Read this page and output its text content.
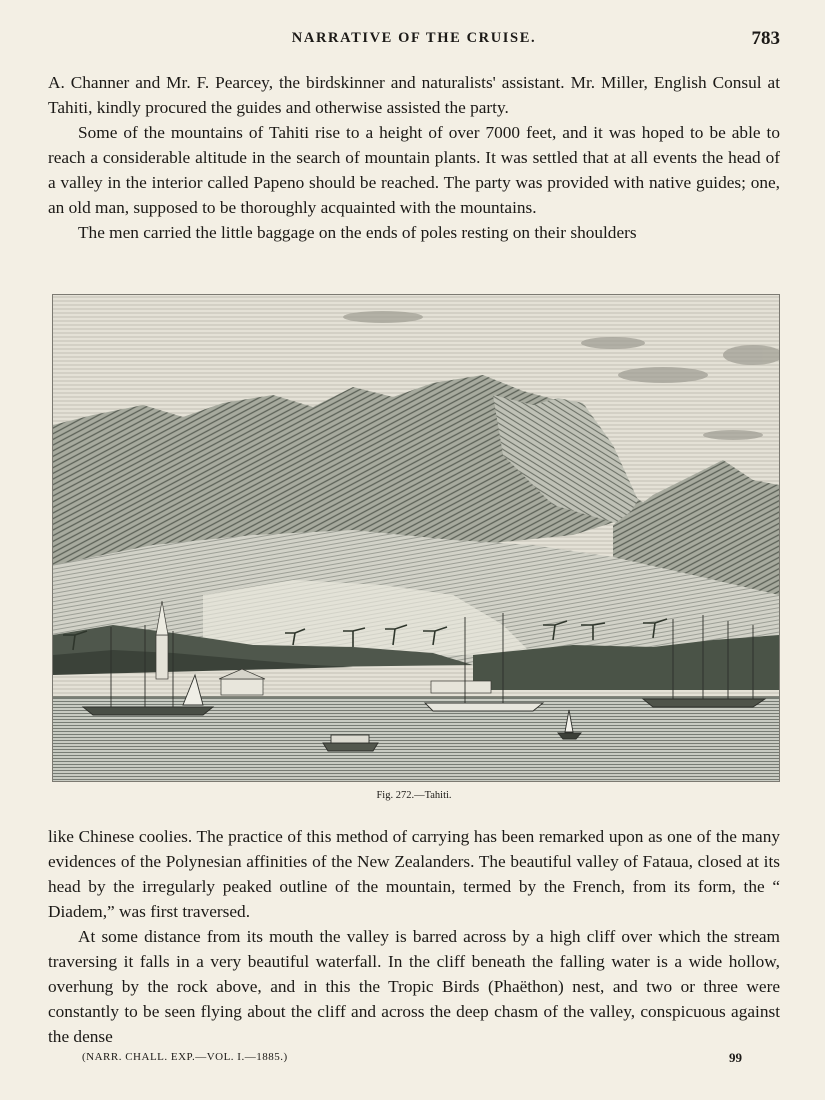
NARRATIVE OF THE CRUISE.	783

A. Channer and Mr. F. Pearcey, the birdskinner and naturalists' assistant. Mr. Miller, English Consul at Tahiti, kindly procured the guides and otherwise assisted the party.

Some of the mountains of Tahiti rise to a height of over 7000 feet, and it was hoped to be able to reach a considerable altitude in the search of mountain plants. It was settled that at all events the head of a valley in the interior called Papeno should be reached. The party was provided with native guides; one, an old man, supposed to be thoroughly acquainted with the mountains.

The men carried the little baggage on the ends of poles resting on their shoulders

Fig. 272.—Tahiti.

like Chinese coolies. The practice of this method of carrying has been remarked upon as one of the many evidences of the Polynesian affinities of the New Zealanders. The beautiful valley of Fataua, closed at its head by the irregularly peaked outline of the mountain, termed by the French, from its form, the “ Diadem,” was first traversed.

At some distance from its mouth the valley is barred across by a high cliff over which the stream traversing it falls in a very beautiful waterfall. In the cliff beneath the falling water is a wide hollow, overhung by the rock above, and in this the Tropic Birds (Phaëthon) nest, and two or three were constantly to be seen flying about the cliff and across the deep chasm of the valley, conspicuous against the dense

(NARR. CHALL. EXP.—VOL. I.—1885.)	99
